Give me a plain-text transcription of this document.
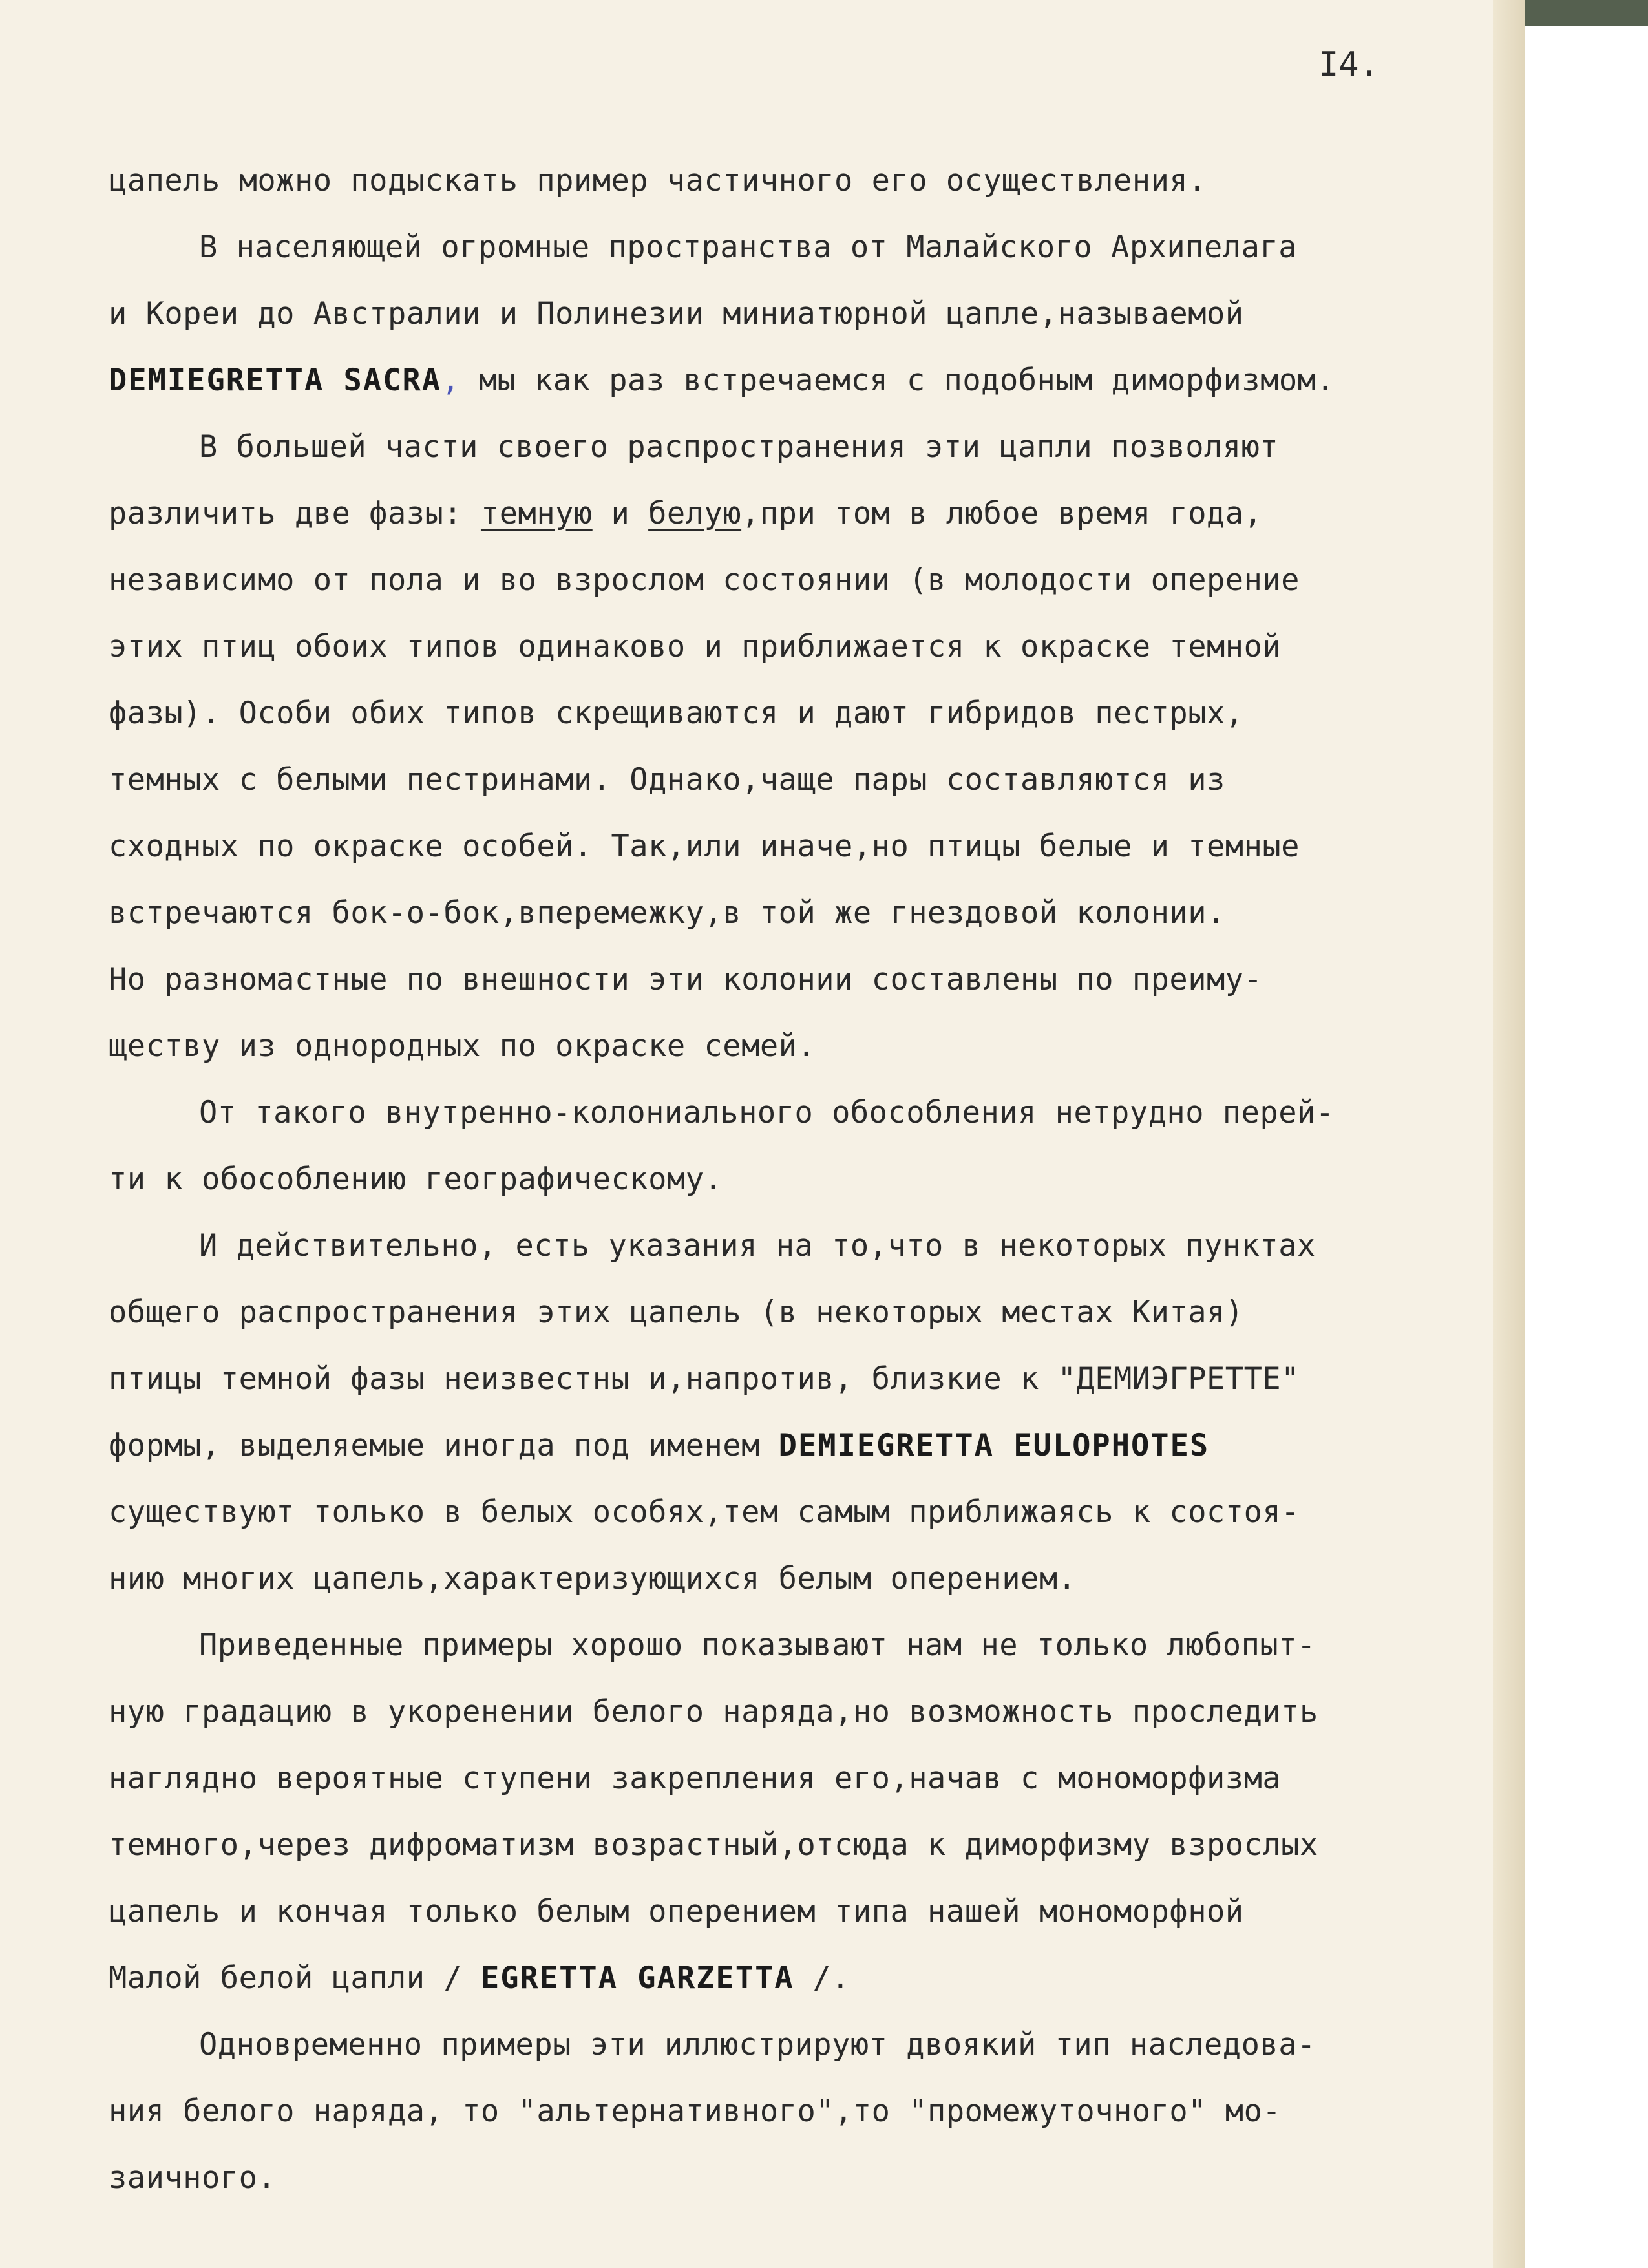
I4.
цапель можно подыскать пример частичного его осуществления.
В населяющей огромные пространства от Малайского Архипелага
и Кореи до Австралии и Полинезии миниатюрной цапле,называемой
DEMIEGRETTA SACRA, мы как раз встречаемся с подобным диморфизмом.
В большей части своего распространения эти цапли позволяют
различить две фазы: темную и белую,при том в любое время года,
независимо от пола и во взрослом состоянии (в молодости оперение
этих птиц обоих типов одинаково и приближается к окраске темной
фазы). Особи обих типов скрещиваются и дают гибридов пестрых,
темных с белыми пестринами. Однако,чаще пары составляются из
сходных по окраске особей. Так,или иначе,но птицы белые и темные
встречаются бок-о-бок,вперемежку,в той же гнездовой колонии.
Но разномастные по внешности эти колонии составлены по преиму-
ществу из однородных по окраске семей.
От такого внутренно-колониального обособления нетрудно перей-
ти к обособлению географическому.
И действительно, есть указания на то,что в некоторых пунктах
общего распространения этих цапель (в некоторых местах Китая)
птицы темной фазы неизвестны и,напротив, близкие к "ДЕМИЭГРЕТТЕ"
формы, выделяемые иногда под именем DEMIEGRETTA EULOPHOTES
существуют только в белых особях,тем самым приближаясь к состоя-
нию многих цапель,характеризующихся белым оперением.
Приведенные примеры хорошо показывают нам не только любопыт-
ную градацию в укоренении белого наряда,но возможность проследить
наглядно вероятные ступени закрепления его,начав с мономорфизма
темного,через дифроматизм возрастный,отсюда к диморфизму взрослых
цапель и кончая только белым оперением типа нашей мономорфной
Малой белой цапли / EGRETTA GARZETTA /.
Одновременно примеры эти иллюстрируют двоякий тип наследова-
ния белого наряда, то "альтернативного",то "промежуточного" мо-
заичного.
